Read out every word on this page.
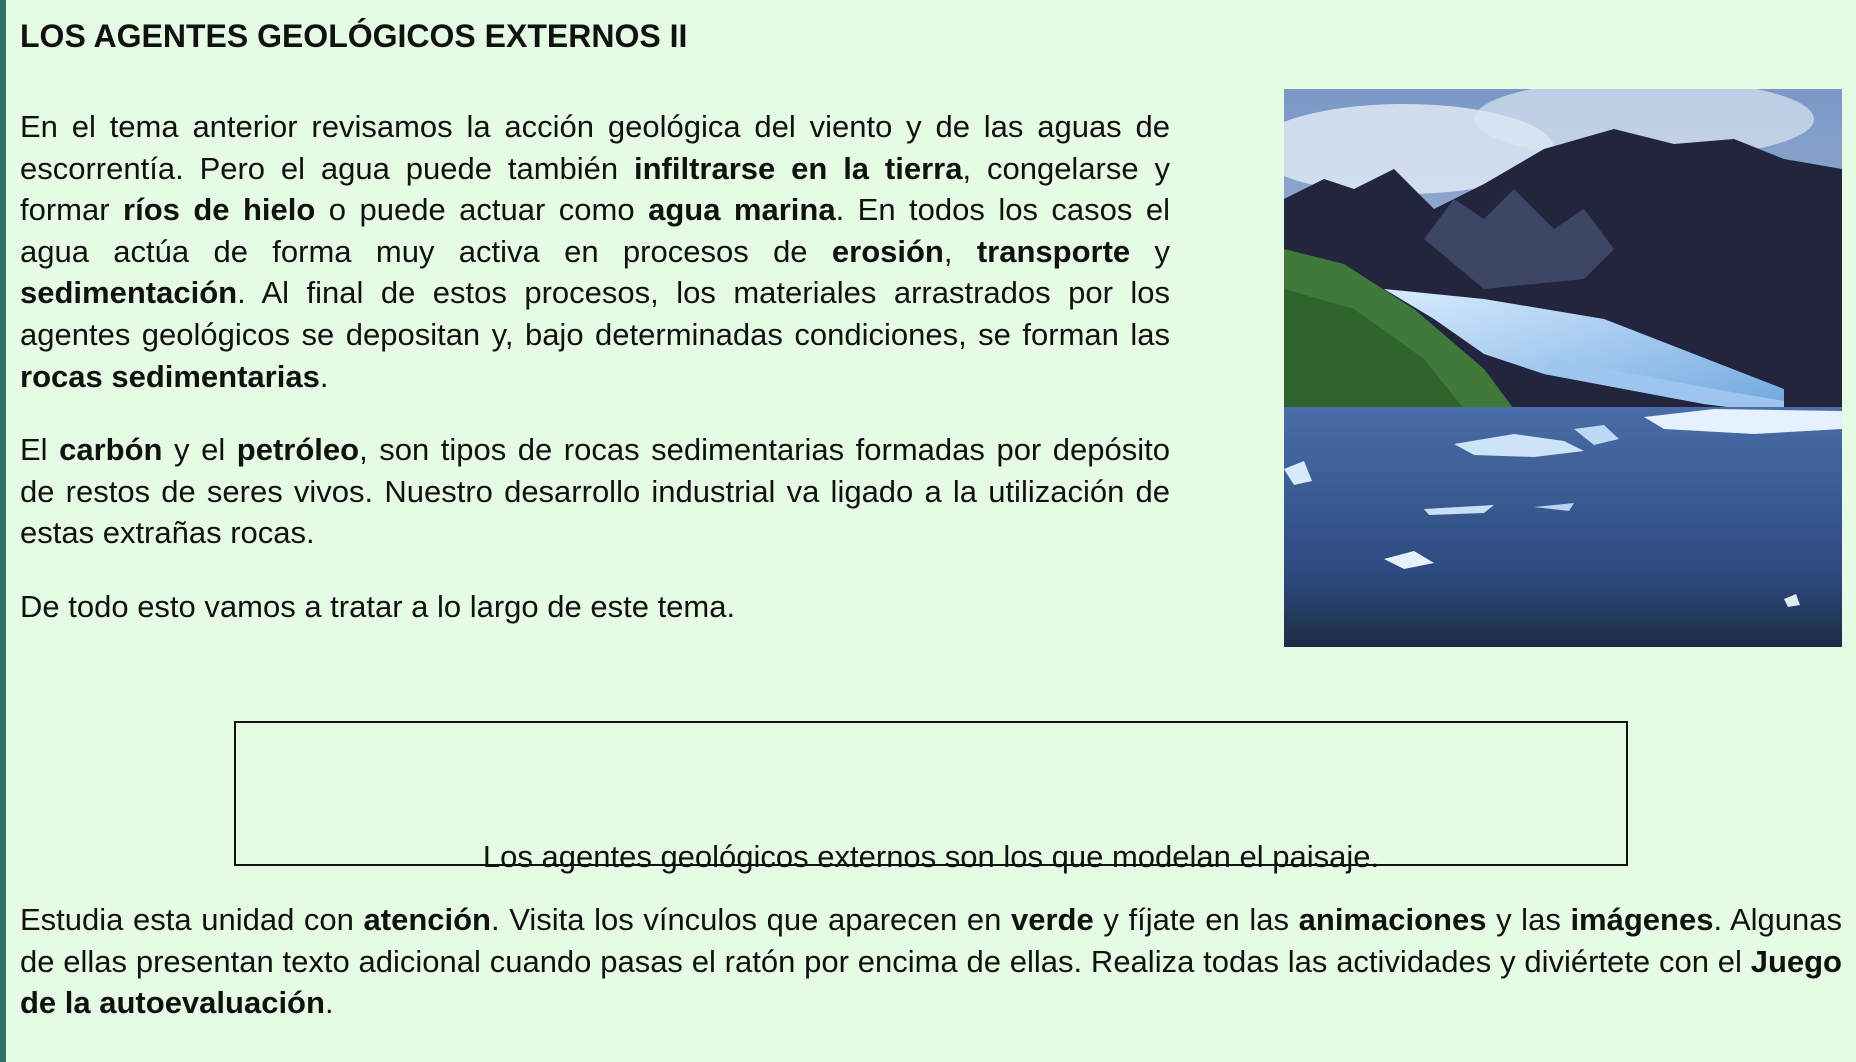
LOS AGENTES GEOLÓGICOS EXTERNOS II

En el tema anterior revisamos la acción geológica del viento y de las aguas de escorrentía. Pero el agua puede también infiltrarse en la tierra, congelarse y formar ríos de hielo o puede actuar como agua marina. En todos los casos el agua actúa de forma muy activa en procesos de erosión, transporte y sedimentación. Al final de estos procesos, los materiales arrastrados por los agentes geológicos se depositan y, bajo determinadas condiciones, se forman las rocas sedimentarias.

El carbón y el petróleo, son tipos de rocas sedimentarias formadas por depósito de restos de seres vivos. Nuestro desarrollo industrial va ligado a la utilización de estas extrañas rocas.

De todo esto vamos a tratar a lo largo de este tema.

Los agentes geológicos externos son los que modelan el paisaje.

Estudia esta unidad con atención. Visita los vínculos que aparecen en verde y fíjate en las animaciones y las imágenes. Algunas de ellas presentan texto adicional cuando pasas el ratón por encima de ellas. Realiza todas las actividades y diviértete con el Juego de la autoevaluación.
